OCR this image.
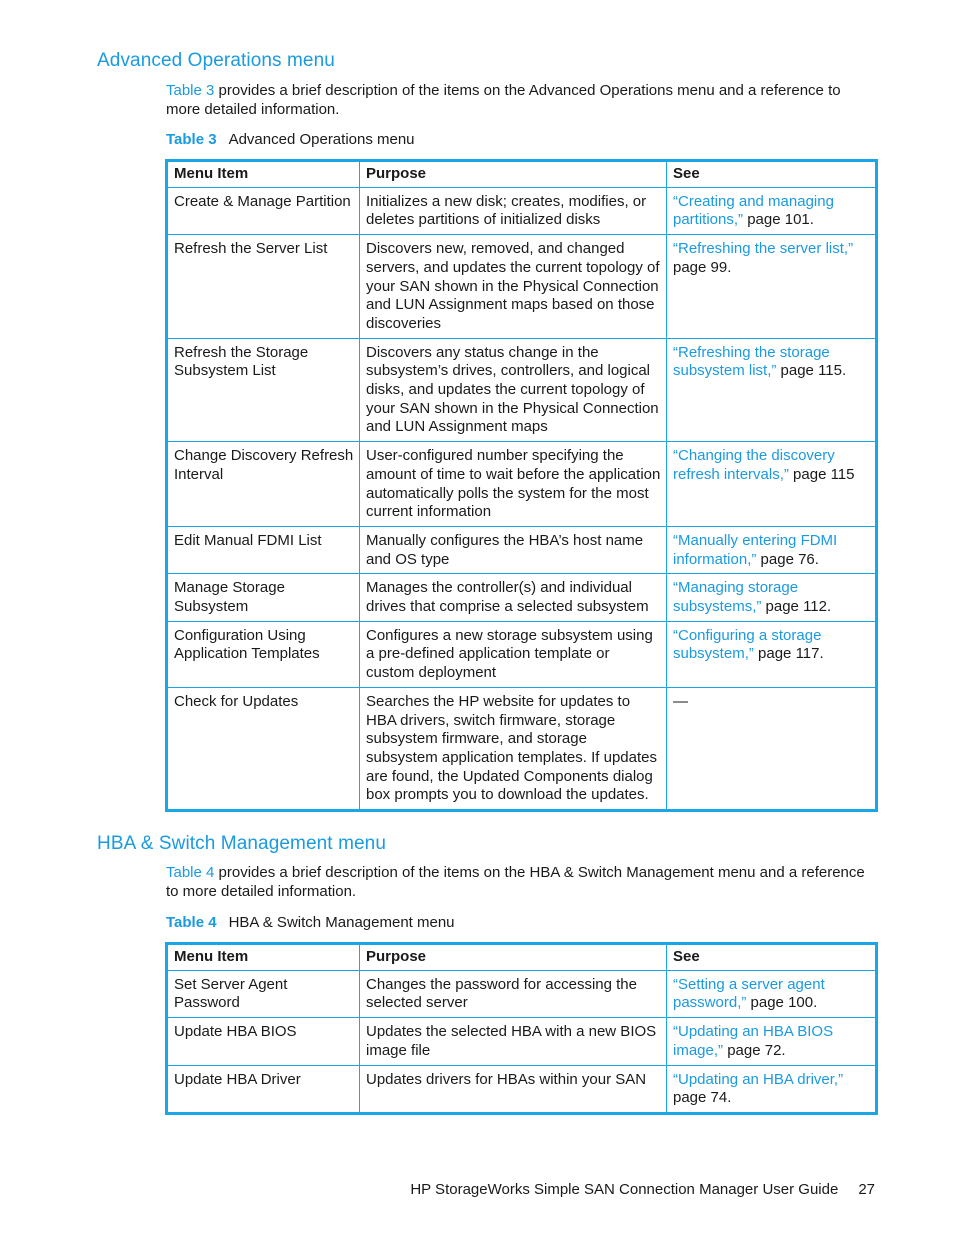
Advanced Operations menu

Table 3 provides a brief description of the items on the Advanced Operations menu and a reference to more detailed information.

Table 3 Advanced Operations menu

Menu Item	Purpose	See
Create & Manage Partition	Initializes a new disk; creates, modifies, or deletes partitions of initialized disks	“Creating and managing partitions,” page 101.
Refresh the Server List	Discovers new, removed, and changed servers, and updates the current topology of your SAN shown in the Physical Connection and LUN Assignment maps based on those discoveries	“Refreshing the server list,” page 99.
Refresh the Storage Subsystem List	Discovers any status change in the subsystem’s drives, controllers, and logical disks, and updates the current topology of your SAN shown in the Physical Connection and LUN Assignment maps	“Refreshing the storage subsystem list,” page 115.
Change Discovery Refresh Interval	User-configured number specifying the amount of time to wait before the application automatically polls the system for the most current information	“Changing the discovery refresh intervals,” page 115
Edit Manual FDMI List	Manually configures the HBA’s host name and OS type	“Manually entering FDMI information,” page 76.
Manage Storage Subsystem	Manages the controller(s) and individual drives that comprise a selected subsystem	“Managing storage subsystems,” page 112.
Configuration Using Application Templates	Configures a new storage subsystem using a pre-defined application template or custom deployment	“Configuring a storage subsystem,” page 117.
Check for Updates	Searches the HP website for updates to HBA drivers, switch firmware, storage subsystem firmware, and storage subsystem application templates. If updates are found, the Updated Components dialog box prompts you to download the updates.	—
HBA & Switch Management menu

Table 4 provides a brief description of the items on the HBA & Switch Management menu and a reference to more detailed information.

Table 4 HBA & Switch Management menu

Menu Item	Purpose	See
Set Server Agent Password	Changes the password for accessing the selected server	“Setting a server agent password,” page 100.
Update HBA BIOS	Updates the selected HBA with a new BIOS image file	“Updating an HBA BIOS image,” page 72.
Update HBA Driver	Updates drivers for HBAs within your SAN	“Updating an HBA driver,” page 74.
HP StorageWorks Simple SAN Connection Manager User Guide 27
